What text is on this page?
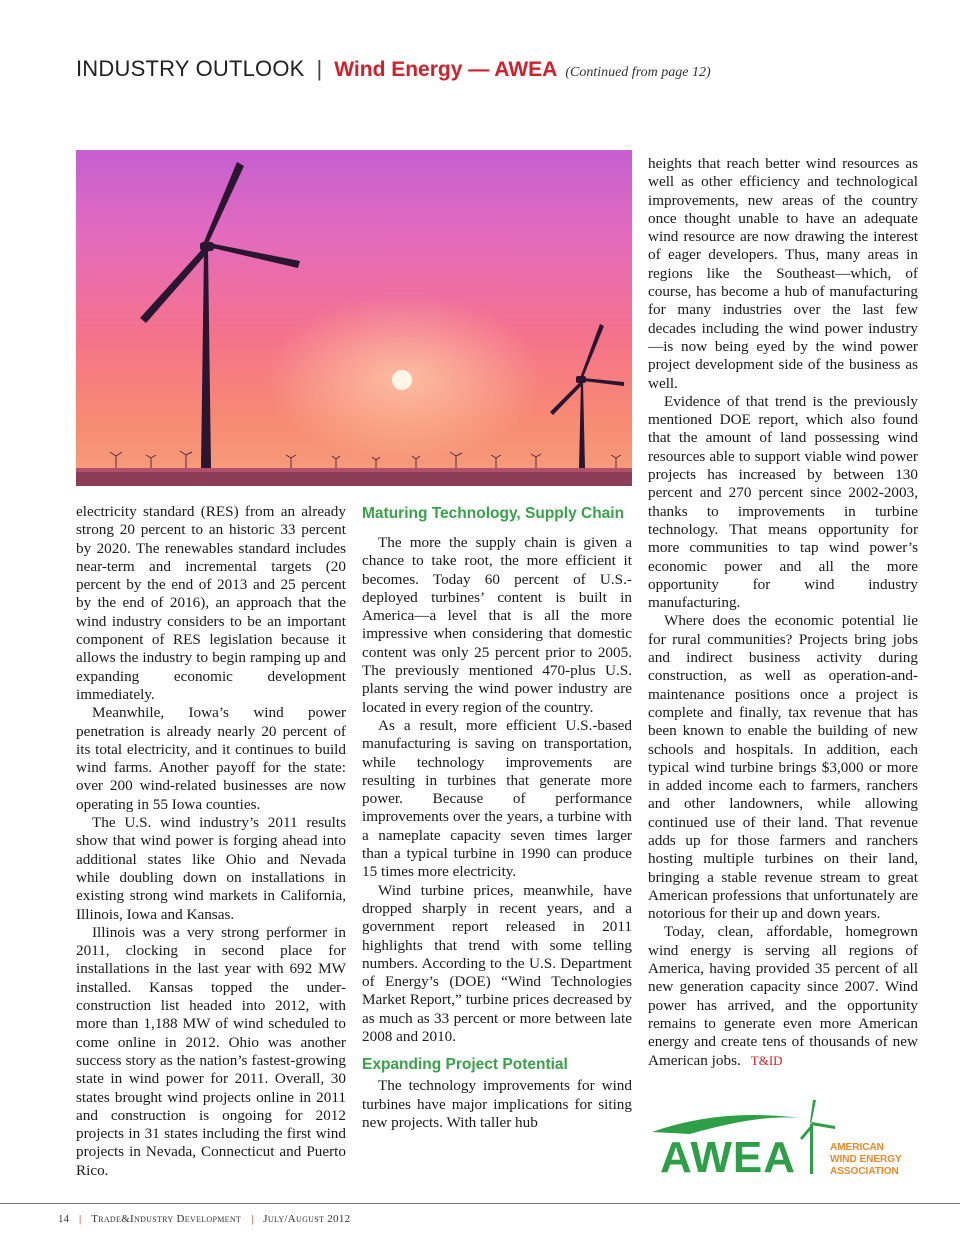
INDUSTRY OUTLOOK | Wind Energy — AWEA (Continued from page 12)

electricity standard (RES) from an already strong 20 percent to an historic 33 percent by 2020. The renewables standard includes near-term and incremental targets (20 percent by the end of 2013 and 25 percent by the end of 2016), an approach that the wind industry considers to be an important component of RES legislation because it allows the industry to begin ramping up and expanding economic development immediately.

Meanwhile, Iowa’s wind power penetration is already nearly 20 percent of its total electricity, and it continues to build wind farms. Another payoff for the state: over 200 wind-related businesses are now operating in 55 Iowa counties.

The U.S. wind industry’s 2011 results show that wind power is forging ahead into additional states like Ohio and Nevada while doubling down on installations in existing strong wind markets in California, Illinois, Iowa and Kansas.

Illinois was a very strong performer in 2011, clocking in second place for installations in the last year with 692 MW installed. Kansas topped the under-construction list headed into 2012, with more than 1,188 MW of wind scheduled to come online in 2012. Ohio was another success story as the nation’s fastest-growing state in wind power for 2011. Overall, 30 states brought wind projects online in 2011 and construction is ongoing for 2012 projects in 31 states including the first wind projects in Nevada, Connecticut and Puerto Rico.

Maturing Technology, Supply Chain

The more the supply chain is given a chance to take root, the more efficient it becomes. Today 60 percent of U.S.-deployed turbines’ content is built in America—a level that is all the more impressive when considering that domestic content was only 25 percent prior to 2005. The previously mentioned 470-plus U.S. plants serving the wind power industry are located in every region of the country.

As a result, more efficient U.S.-based manufacturing is saving on transportation, while technology improvements are resulting in turbines that generate more power. Because of performance improvements over the years, a turbine with a nameplate capacity seven times larger than a typical turbine in 1990 can produce 15 times more electricity.

Wind turbine prices, meanwhile, have dropped sharply in recent years, and a government report released in 2011 highlights that trend with some telling numbers. According to the U.S. Department of Energy’s (DOE) “Wind Technologies Market Report,” turbine prices decreased by as much as 33 percent or more between late 2008 and 2010.

Expanding Project Potential

The technology improvements for wind turbines have major implications for siting new projects. With taller hub

heights that reach better wind resources as well as other efficiency and technological improvements, new areas of the country once thought unable to have an adequate wind resource are now drawing the interest of eager developers. Thus, many areas in regions like the Southeast—which, of course, has become a hub of manufacturing for many industries over the last few decades including the wind power industry—is now being eyed by the wind power project development side of the business as well.

Evidence of that trend is the previously mentioned DOE report, which also found that the amount of land possessing wind resources able to support viable wind power projects has increased by between 130 percent and 270 percent since 2002-2003, thanks to improvements in turbine technology. That means opportunity for more communities to tap wind power’s economic power and all the more opportunity for wind industry manufacturing.

Where does the economic potential lie for rural communities? Projects bring jobs and indirect business activity during construction, as well as operation-and-maintenance positions once a project is complete and finally, tax revenue that has been known to enable the building of new schools and hospitals. In addition, each typical wind turbine brings $3,000 or more in added income each to farmers, ranchers and other landowners, while allowing continued use of their land. That revenue adds up for those farmers and ranchers hosting multiple turbines on their land, bringing a stable revenue stream to great American professions that unfortunately are notorious for their up and down years.

Today, clean, affordable, homegrown wind energy is serving all regions of America, having provided 35 percent of all new generation capacity since 2007. Wind power has arrived, and the opportunity remains to generate even more American energy and create tens of thousands of new American jobs. T&ID

AWEA	AMERICAN
WIND ENERGY
ASSOCIATION
14 | Trade&Industry Development | July/August 2012
